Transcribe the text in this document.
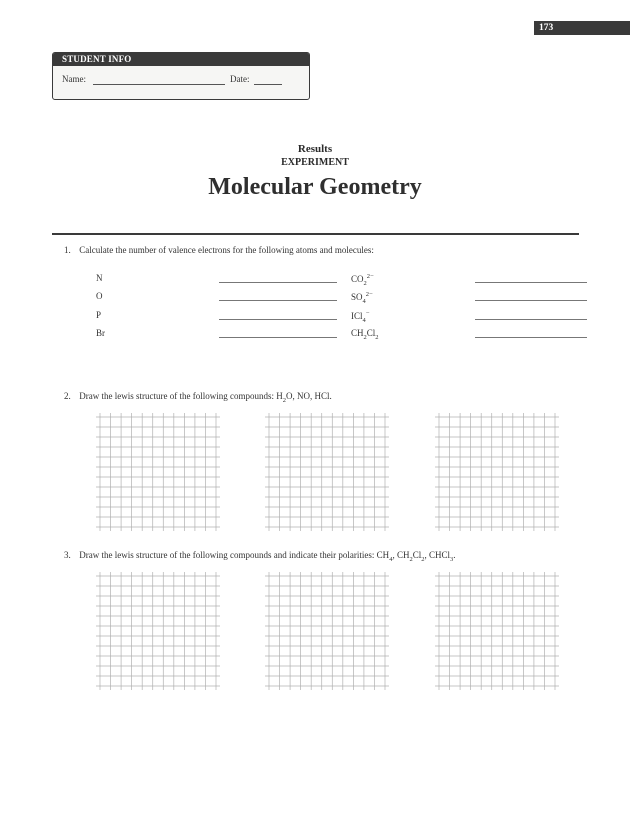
173
STUDENT INFO
Name:	Date:
Results
EXPERIMENT
Molecular Geometry
1. Calculate the number of valence electrons for the following atoms and molecules:
N	$CO_2^{2-}$
O	$SO_4^{2-}$
P	ICl$_4$−
Br	$CH_2Cl_2$
2. Draw the lewis structure of the following compounds: $H_2O$, NO, HCl.
3. Draw the lewis structure of the following compounds and indicate their polarities: $CH_4$, $CH_2Cl_2$, CHCl$_3$.
